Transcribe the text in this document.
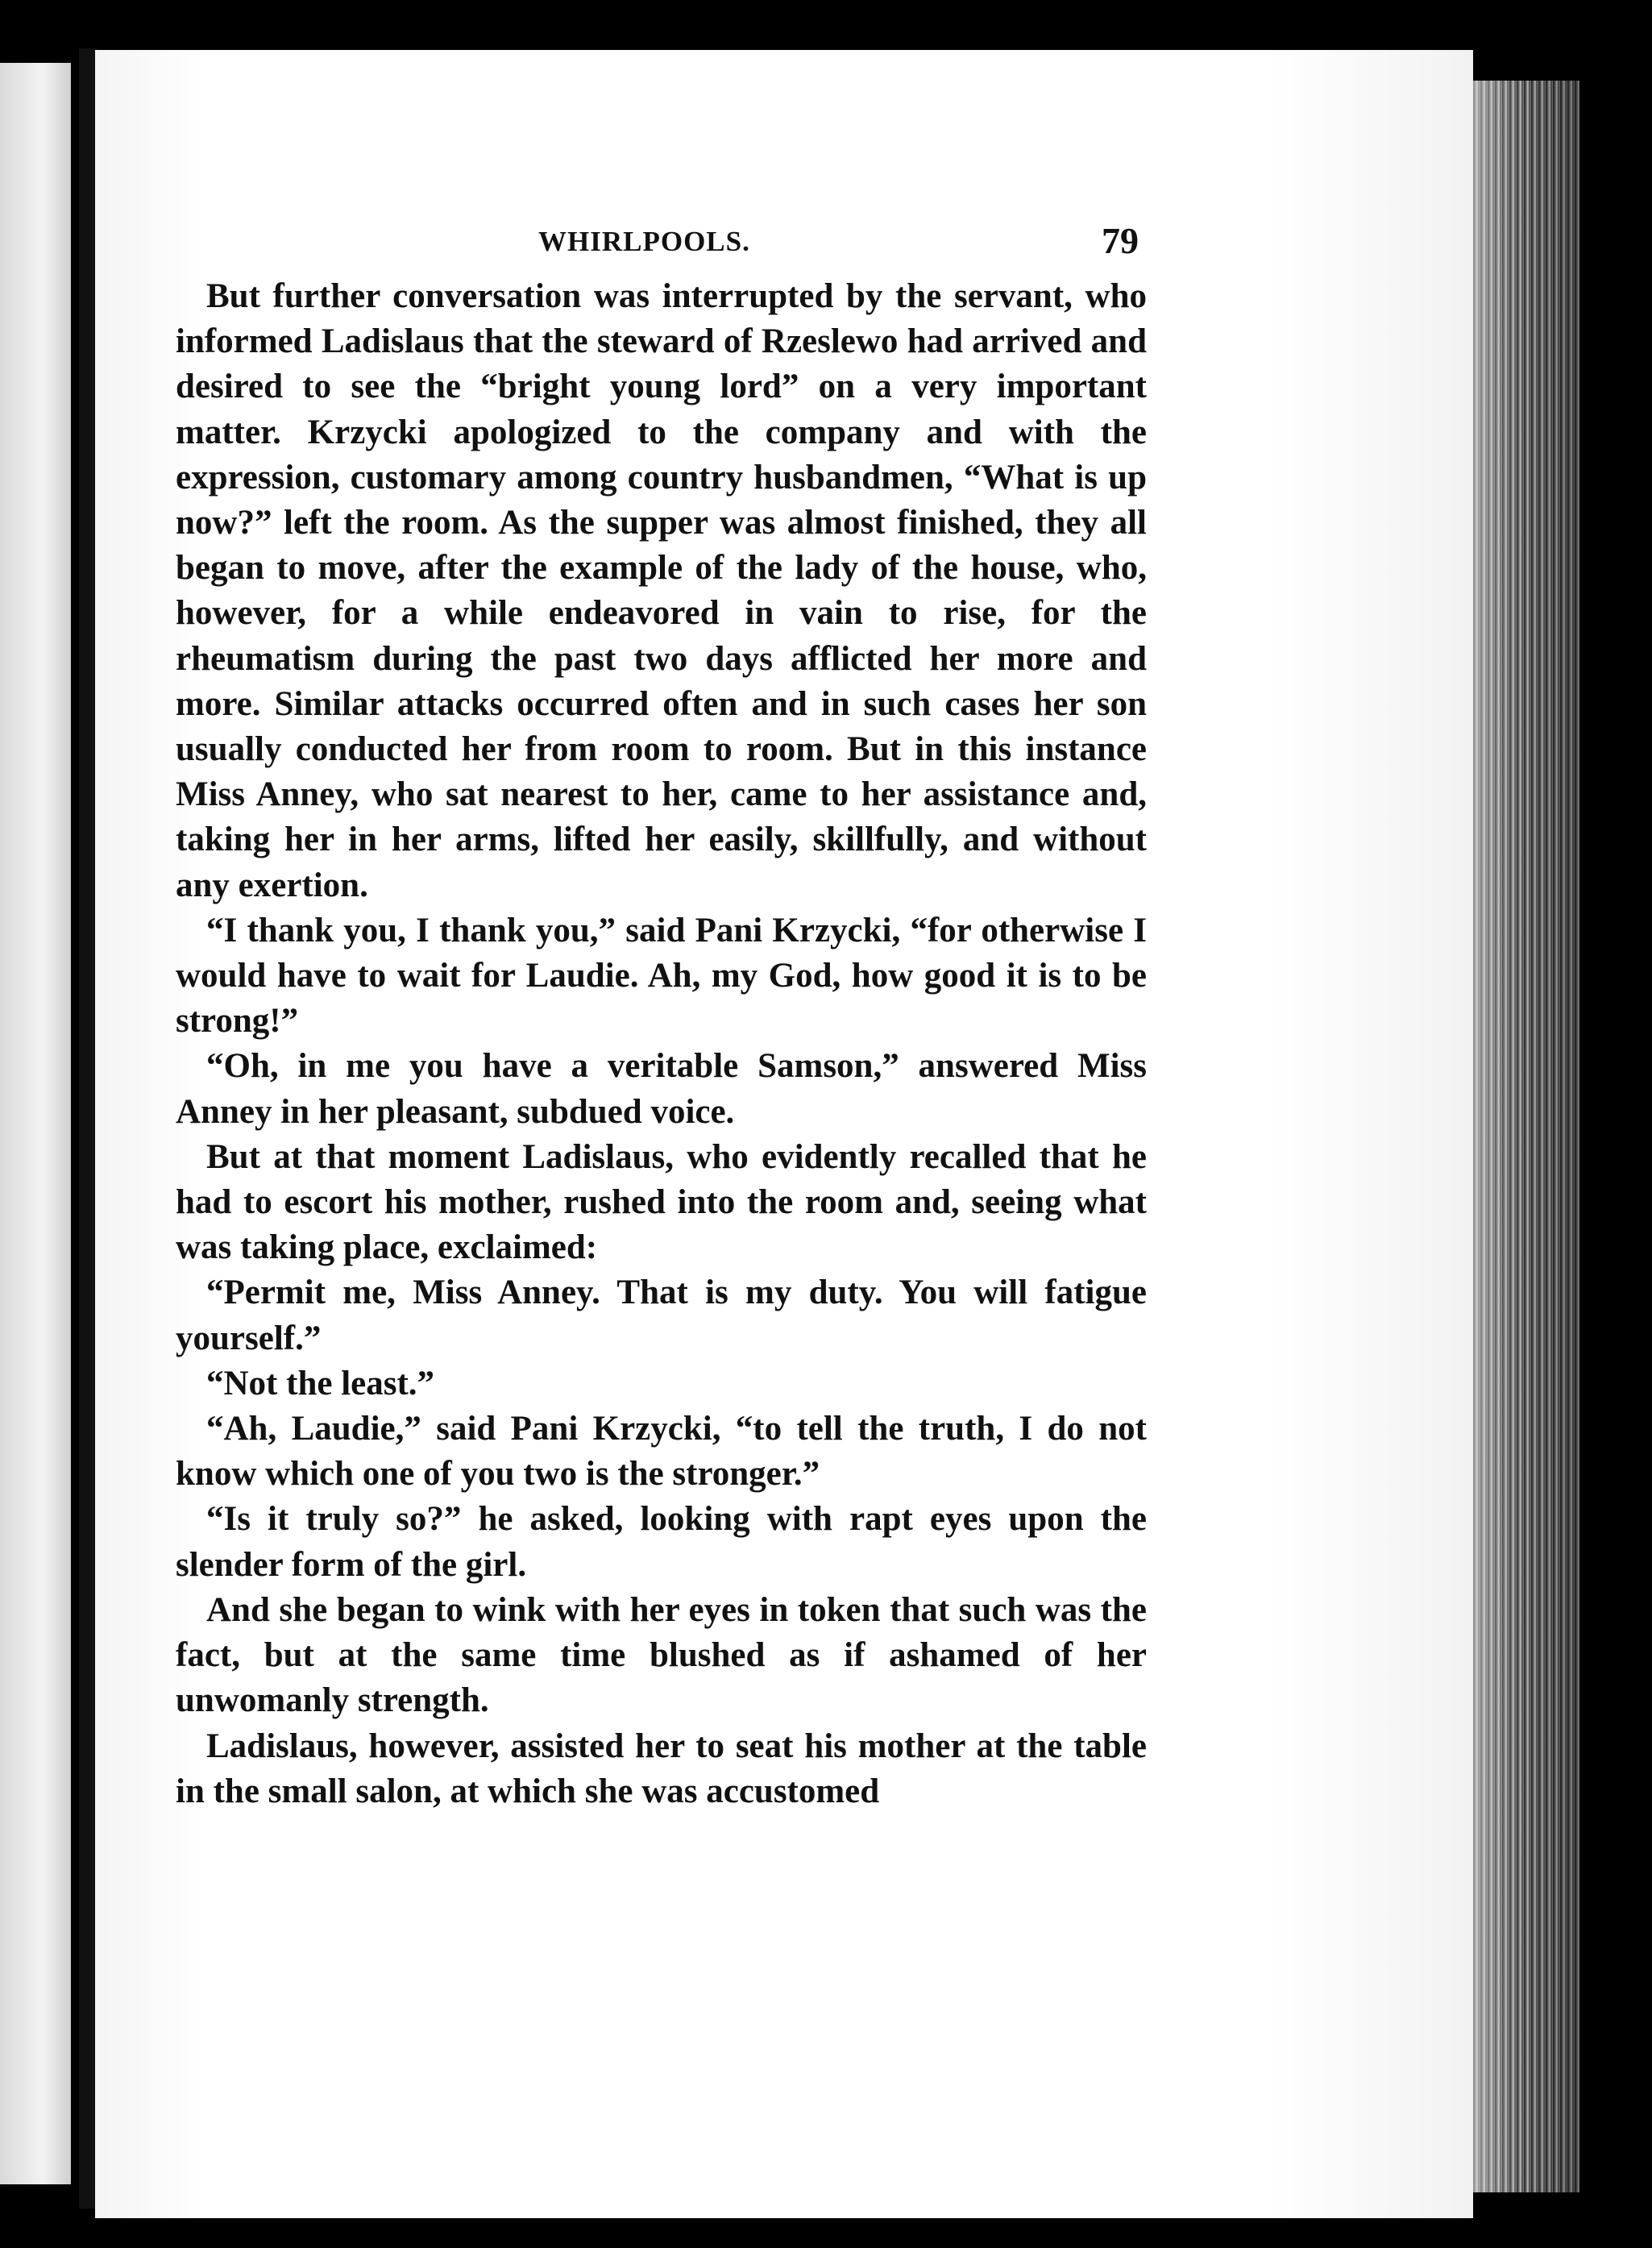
WHIRLPOOLS.	79

But further conversation was interrupted by the servant, who informed Ladislaus that the steward of Rzeslewo had arrived and desired to see the “bright young lord” on a very important matter. Krzycki apologized to the company and with the expression, customary among country husbandmen, “What is up now?” left the room. As the supper was almost finished, they all began to move, after the example of the lady of the house, who, however, for a while endeavored in vain to rise, for the rheumatism during the past two days afflicted her more and more. Similar attacks occurred often and in such cases her son usually conducted her from room to room. But in this instance Miss Anney, who sat nearest to her, came to her assistance and, taking her in her arms, lifted her easily, skillfully, and without any exertion.

“I thank you, I thank you,” said Pani Krzycki, “for otherwise I would have to wait for Laudie. Ah, my God, how good it is to be strong!”

“Oh, in me you have a veritable Samson,” answered Miss Anney in her pleasant, subdued voice.

But at that moment Ladislaus, who evidently recalled that he had to escort his mother, rushed into the room and, seeing what was taking place, exclaimed:

“Permit me, Miss Anney. That is my duty. You will fatigue yourself.”

“Not the least.”

“Ah, Laudie,” said Pani Krzycki, “to tell the truth, I do not know which one of you two is the stronger.”

“Is it truly so?” he asked, looking with rapt eyes upon the slender form of the girl.

And she began to wink with her eyes in token that such was the fact, but at the same time blushed as if ashamed of her unwomanly strength.

Ladislaus, however, assisted her to seat his mother at the table in the small salon, at which she was accustomed
